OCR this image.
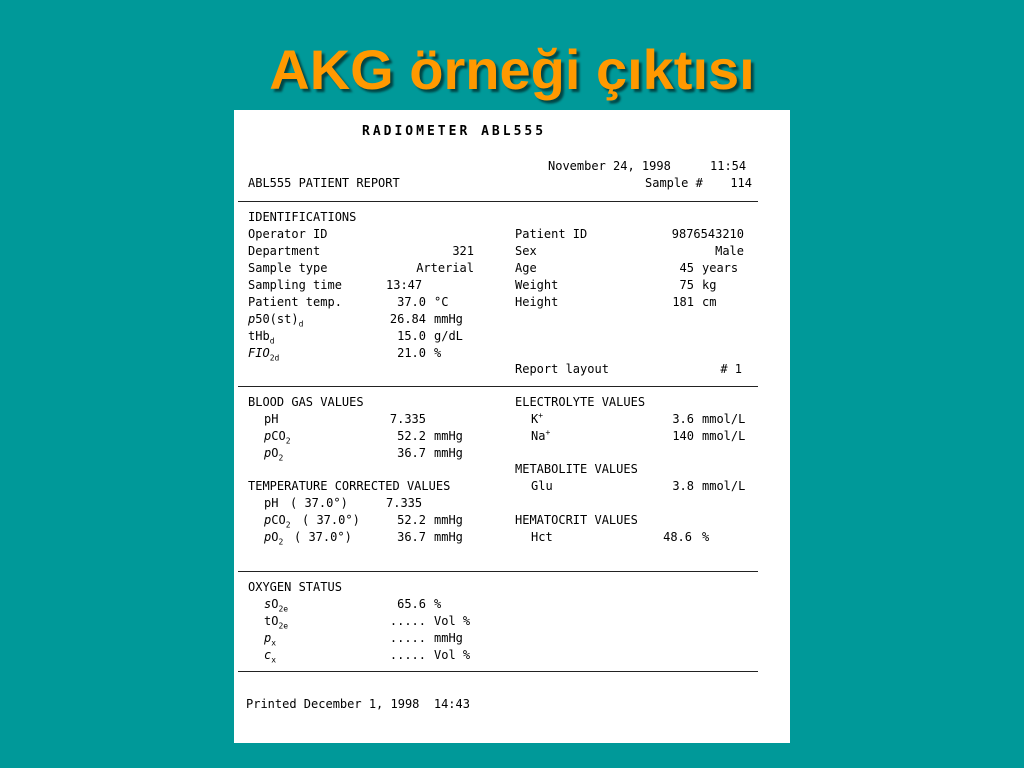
AKG örneği çıktısı
RADIOMETER ABL555
November 24, 1998	11:54
ABL555 PATIENT REPORT	Sample #	114
IDENTIFICATIONS
Operator ID
Department	321
Sample type	Arterial
Sampling time	13:47
Patient temp.	37.0 °C
$p50(st)_d$	26.84 mmHg
tHb$_d$	15.0 g/dL
$FIO_{2d}$	21.0 %
Patient ID	9876543210
Sex	Male
Age	45 years
Weight	75 kg
Height	181 cm
Report layout	# 1
BLOOD GAS VALUES
pH	7.335
pCO$_2$	52.2 mmHg
$pO_2$	36.7 mmHg
TEMPERATURE CORRECTED VALUES
pH ( 37.0°)	7.335
pCO$_2$ ( 37.0°)	52.2 mmHg
$pO_2$ ( 37.0°)	36.7 mmHg
ELECTROLYTE VALUES
K+	3.6 mmol/L
Na+	140 mmol/L
METABOLITE VALUES
Glu	3.8 mmol/L
HEMATOCRIT VALUES
Hct	48.6 %
OXYGEN STATUS
$sO_{2e}$	65.6 %
$tO_{2e}$	..... Vol %
$p_x$	..... mmHg
$c_x$	..... Vol %
Printed December 1, 1998  14:43
